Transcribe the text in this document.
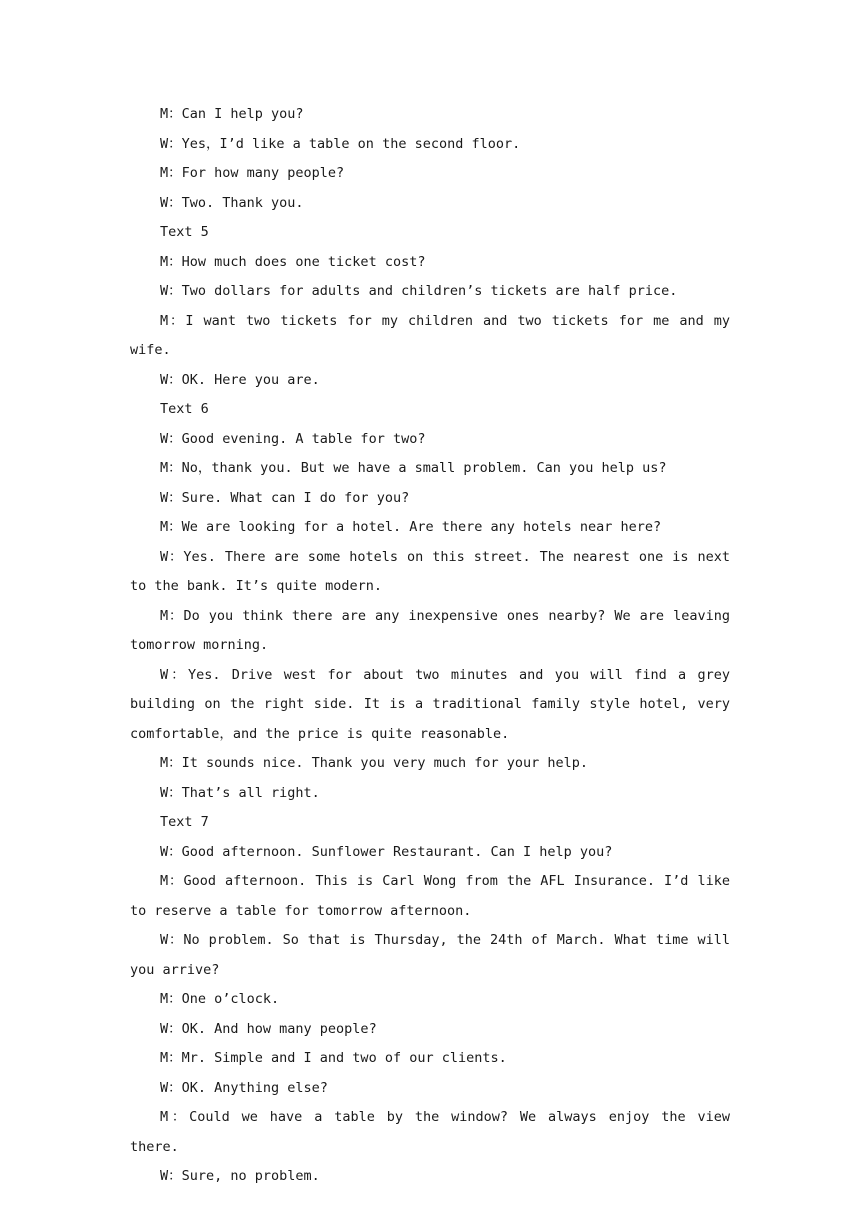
M：Can I help you?

W：Yes，I’d like a table on the second floor.

M：For how many people?

W：Two. Thank you.

Text 5

M：How much does one ticket cost?

W：Two dollars for adults and children’s tickets are half price.

M：I want two tickets for my children and two tickets for me and my wife.

W：OK. Here you are.

Text 6

W：Good evening. A table for two?

M：No，thank you. But we have a small problem. Can you help us?

W：Sure. What can I do for you?

M：We are looking for a hotel. Are there any hotels near here?

W：Yes. There are some hotels on this street. The nearest one is next to the bank. It’s quite modern.

M：Do you think there are any inexpensive ones nearby? We are leaving tomorrow morning.

W：Yes. Drive west for about two minutes and you will find a grey building on the right side. It is a traditional family style hotel, very comfortable，and the price is quite reasonable.

M：It sounds nice. Thank you very much for your help.

W：That’s all right.

Text 7

W：Good afternoon. Sunflower Restaurant. Can I help you?

M：Good afternoon. This is Carl Wong from the AFL Insurance. I’d like to reserve a table for tomorrow afternoon.

W：No problem. So that is Thursday, the 24th of March. What time will you arrive?

M：One o’clock.

W：OK. And how many people?

M：Mr. Simple and I and two of our clients.

W：OK. Anything else?

M：Could we have a table by the window? We always enjoy the view there.

W：Sure, no problem.
